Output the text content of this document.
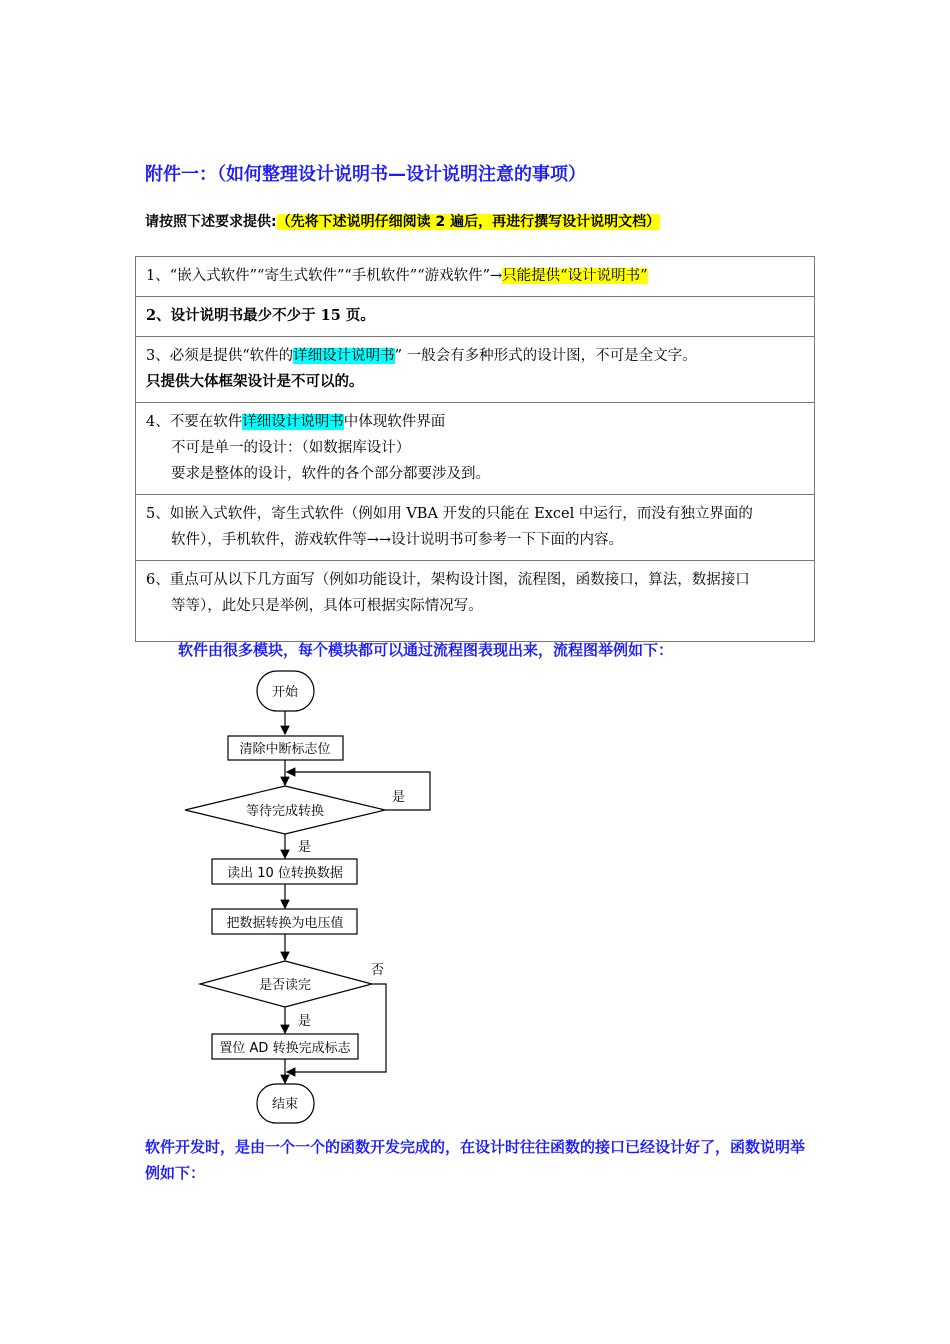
附件一：（如何整理设计说明书—设计说明注意的事项）
请按照下述要求提供:（先将下述说明仔细阅读 2 遍后，再进行撰写设计说明文档）
1、“嵌入式软件”“寄生式软件”“手机软件”“游戏软件”→只能提供“设计说明书”
2、设计说明书最少不少于 15 页。

3、必须是提供“软件的详细设计说明书” 一般会有多种形式的设计图，不可是全文字。
只提供大体框架设计是不可以的。

4、不要在软件详细设计说明书中体现软件界面
不可是单一的设计：（如数据库设计）
要求是整体的设计，软件的各个部分都要涉及到。

5、如嵌入式软件，寄生式软件（例如用 VBA 开发的只能在 Excel 中运行，而没有独立界面的
软件），手机软件，游戏软件等→→设计说明书可参考一下下面的内容。

6、重点可从以下几方面写（例如功能设计，架构设计图，流程图，函数接口，算法，数据接口
等等），此处只是举例，具体可根据实际情况写。
软件由很多模块，每个模块都可以通过流程图表现出来，流程图举例如下：
开始
清除中断标志位
是
等待完成转换
是
读出 10 位转换数据
把数据转换为电压值
否
是否读完
是
置位 AD 转换完成标志
结束
软件开发时，是由一个一个的函数开发完成的，在设计时往往函数的接口已经设计好了，函数说明举例如下：
